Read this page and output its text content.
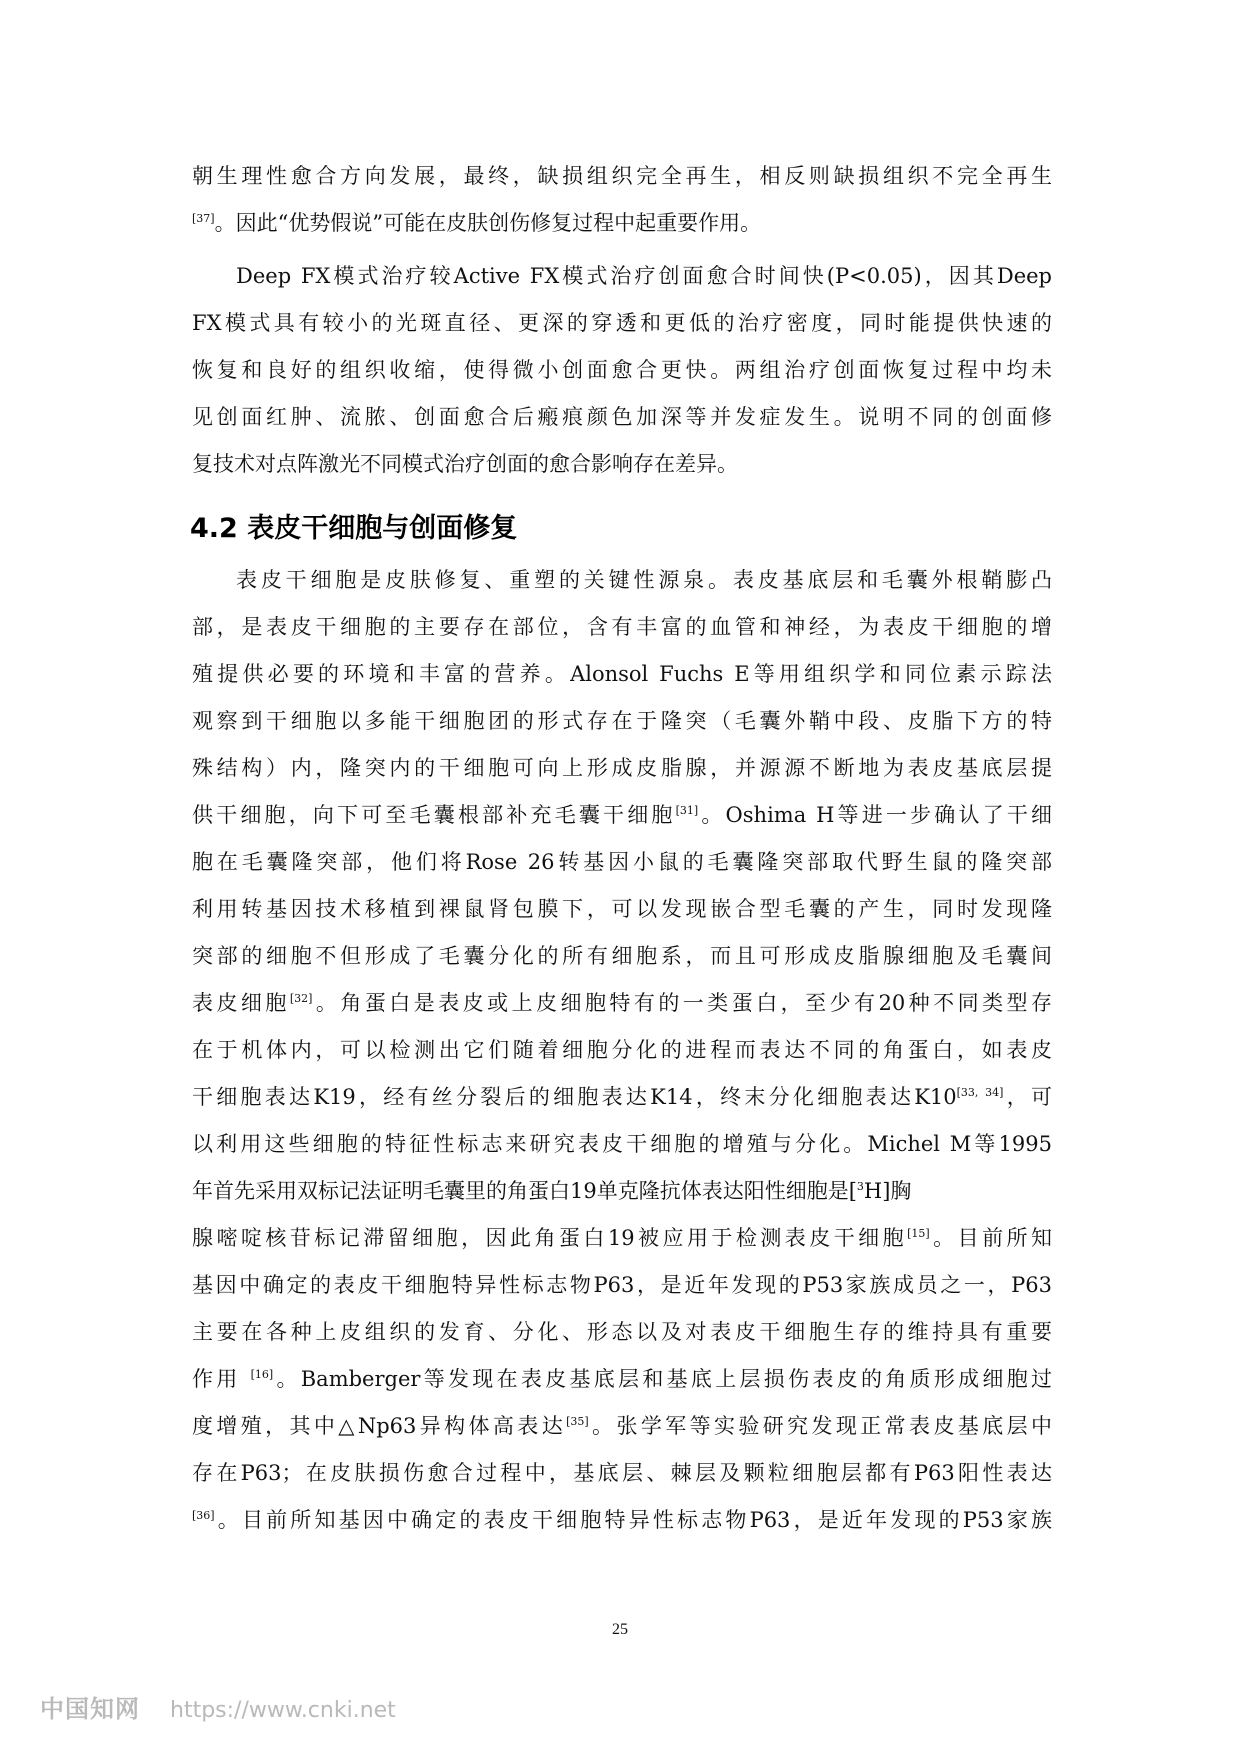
朝生理性愈合方向发展，最终，缺损组织完全再生，相反则缺损组织不完全再生
[37]。因此“优势假说”可能在皮肤创伤修复过程中起重要作用。
Deep FX模式治疗较Active FX模式治疗创面愈合时间快(P<0.05)，因其Deep
FX模式具有较小的光斑直径、更深的穿透和更低的治疗密度，同时能提供快速的
恢复和良好的组织收缩，使得微小创面愈合更快。两组治疗创面恢复过程中均未
见创面红肿、流脓、创面愈合后瘢痕颜色加深等并发症发生。说明不同的创面修
复技术对点阵激光不同模式治疗创面的愈合影响存在差异。
4.2 表皮干细胞与创面修复
表皮干细胞是皮肤修复、重塑的关键性源泉。表皮基底层和毛囊外根鞘膨凸
部，是表皮干细胞的主要存在部位，含有丰富的血管和神经，为表皮干细胞的增
殖提供必要的环境和丰富的营养。Alonsol Fuchs E等用组织学和同位素示踪法
观察到干细胞以多能干细胞团的形式存在于隆突（毛囊外鞘中段、皮脂下方的特
殊结构）内，隆突内的干细胞可向上形成皮脂腺，并源源不断地为表皮基底层提
供干细胞，向下可至毛囊根部补充毛囊干细胞[31]。Oshima H等进一步确认了干细
胞在毛囊隆突部，他们将Rose 26转基因小鼠的毛囊隆突部取代野生鼠的隆突部
利用转基因技术移植到裸鼠肾包膜下，可以发现嵌合型毛囊的产生，同时发现隆
突部的细胞不但形成了毛囊分化的所有细胞系，而且可形成皮脂腺细胞及毛囊间
表皮细胞[32]。角蛋白是表皮或上皮细胞特有的一类蛋白，至少有20种不同类型存
在于机体内，可以检测出它们随着细胞分化的进程而表达不同的角蛋白，如表皮
干细胞表达K19，经有丝分裂后的细胞表达K14，终末分化细胞表达K10[33, 34]，可
以利用这些细胞的特征性标志来研究表皮干细胞的增殖与分化。Michel M等1995
年首先采用双标记法证明毛囊里的角蛋白19单克隆抗体表达阳性细胞是[$^3$H]胸
腺嘧啶核苷标记滞留细胞，因此角蛋白19被应用于检测表皮干细胞[15]。目前所知
基因中确定的表皮干细胞特异性标志物P63，是近年发现的P53家族成员之一，P63
主要在各种上皮组织的发育、分化、形态以及对表皮干细胞生存的维持具有重要
作用 [16]。Bamberger等发现在表皮基底层和基底上层损伤表皮的角质形成细胞过
度增殖，其中△Np63异构体高表达[35]。张学军等实验研究发现正常表皮基底层中
存在P63；在皮肤损伤愈合过程中，基底层、棘层及颗粒细胞层都有P63阳性表达
[36]。目前所知基因中确定的表皮干细胞特异性标志物P63，是近年发现的P53家族
25
中国知网 https://www.cnki.net
